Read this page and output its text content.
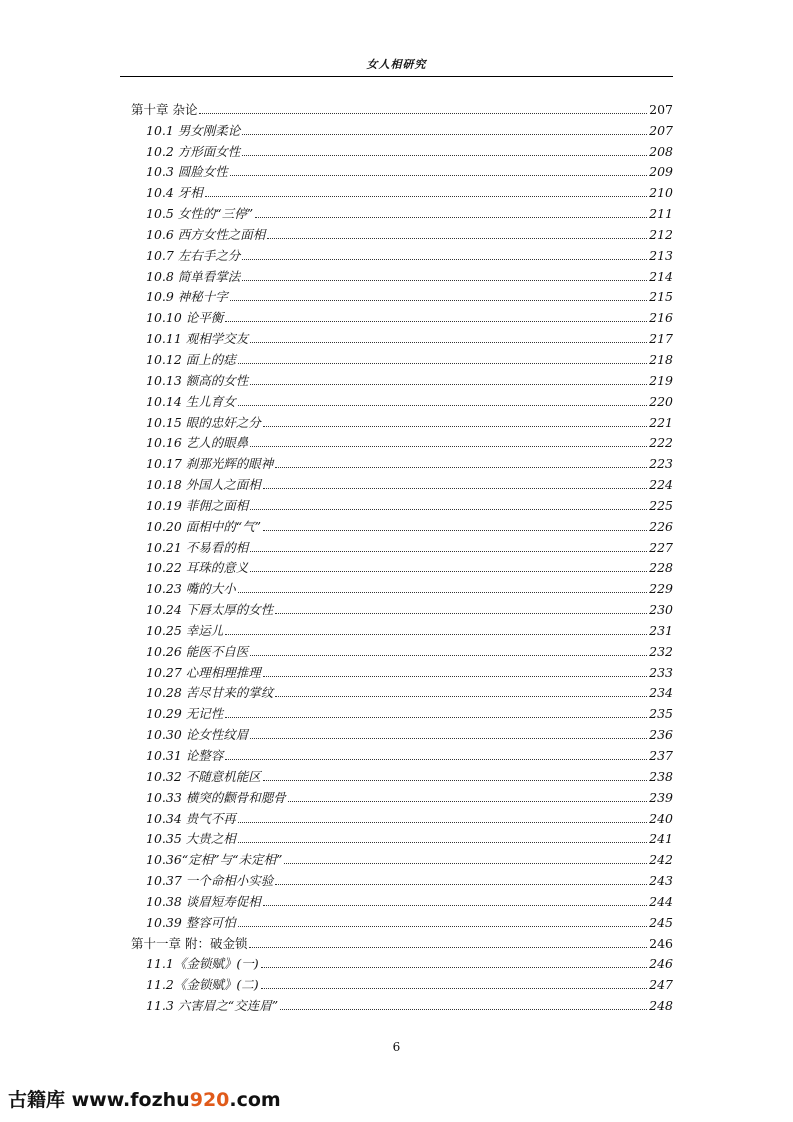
女人相研究
第十章 杂论	207
10.1 男女刚柔论	207
10.2 方形面女性	208
10.3 圆脸女性	209
10.4 牙相	210
10.5 女性的“三停”	211
10.6 西方女性之面相	212
10.7 左右手之分	213
10.8 简单看掌法	214
10.9 神秘十字	215
10.10 论平衡	216
10.11 观相学交友	217
10.12 面上的痣	218
10.13 额高的女性	219
10.14 生儿育女	220
10.15 眼的忠奸之分	221
10.16 艺人的眼鼻	222
10.17 刹那光辉的眼神	223
10.18 外国人之面相	224
10.19 菲佣之面相	225
10.20 面相中的“气”	226
10.21 不易看的相	227
10.22 耳珠的意义	228
10.23 嘴的大小	229
10.24 下唇太厚的女性	230
10.25 幸运儿	231
10.26 能医不自医	232
10.27 心理相理推理	233
10.28 苦尽甘来的掌纹	234
10.29 无记性	235
10.30 论女性纹眉	236
10.31 论整容	237
10.32 不随意机能区	238
10.33 横突的颧骨和腮骨	239
10.34 贵气不再	240
10.35 大贵之相	241
10.36“定相”与“未定相”	242
10.37 一个命相小实验	243
10.38 谈眉短寿促相	244
10.39 整容可怕	245
第十一章 附：破金锁	246
11.1《金锁赋》(一)	246
11.2《金锁赋》(二)	247
11.3 六害眉之“交连眉”	248
6
古籍库 www.fozhu920.com
